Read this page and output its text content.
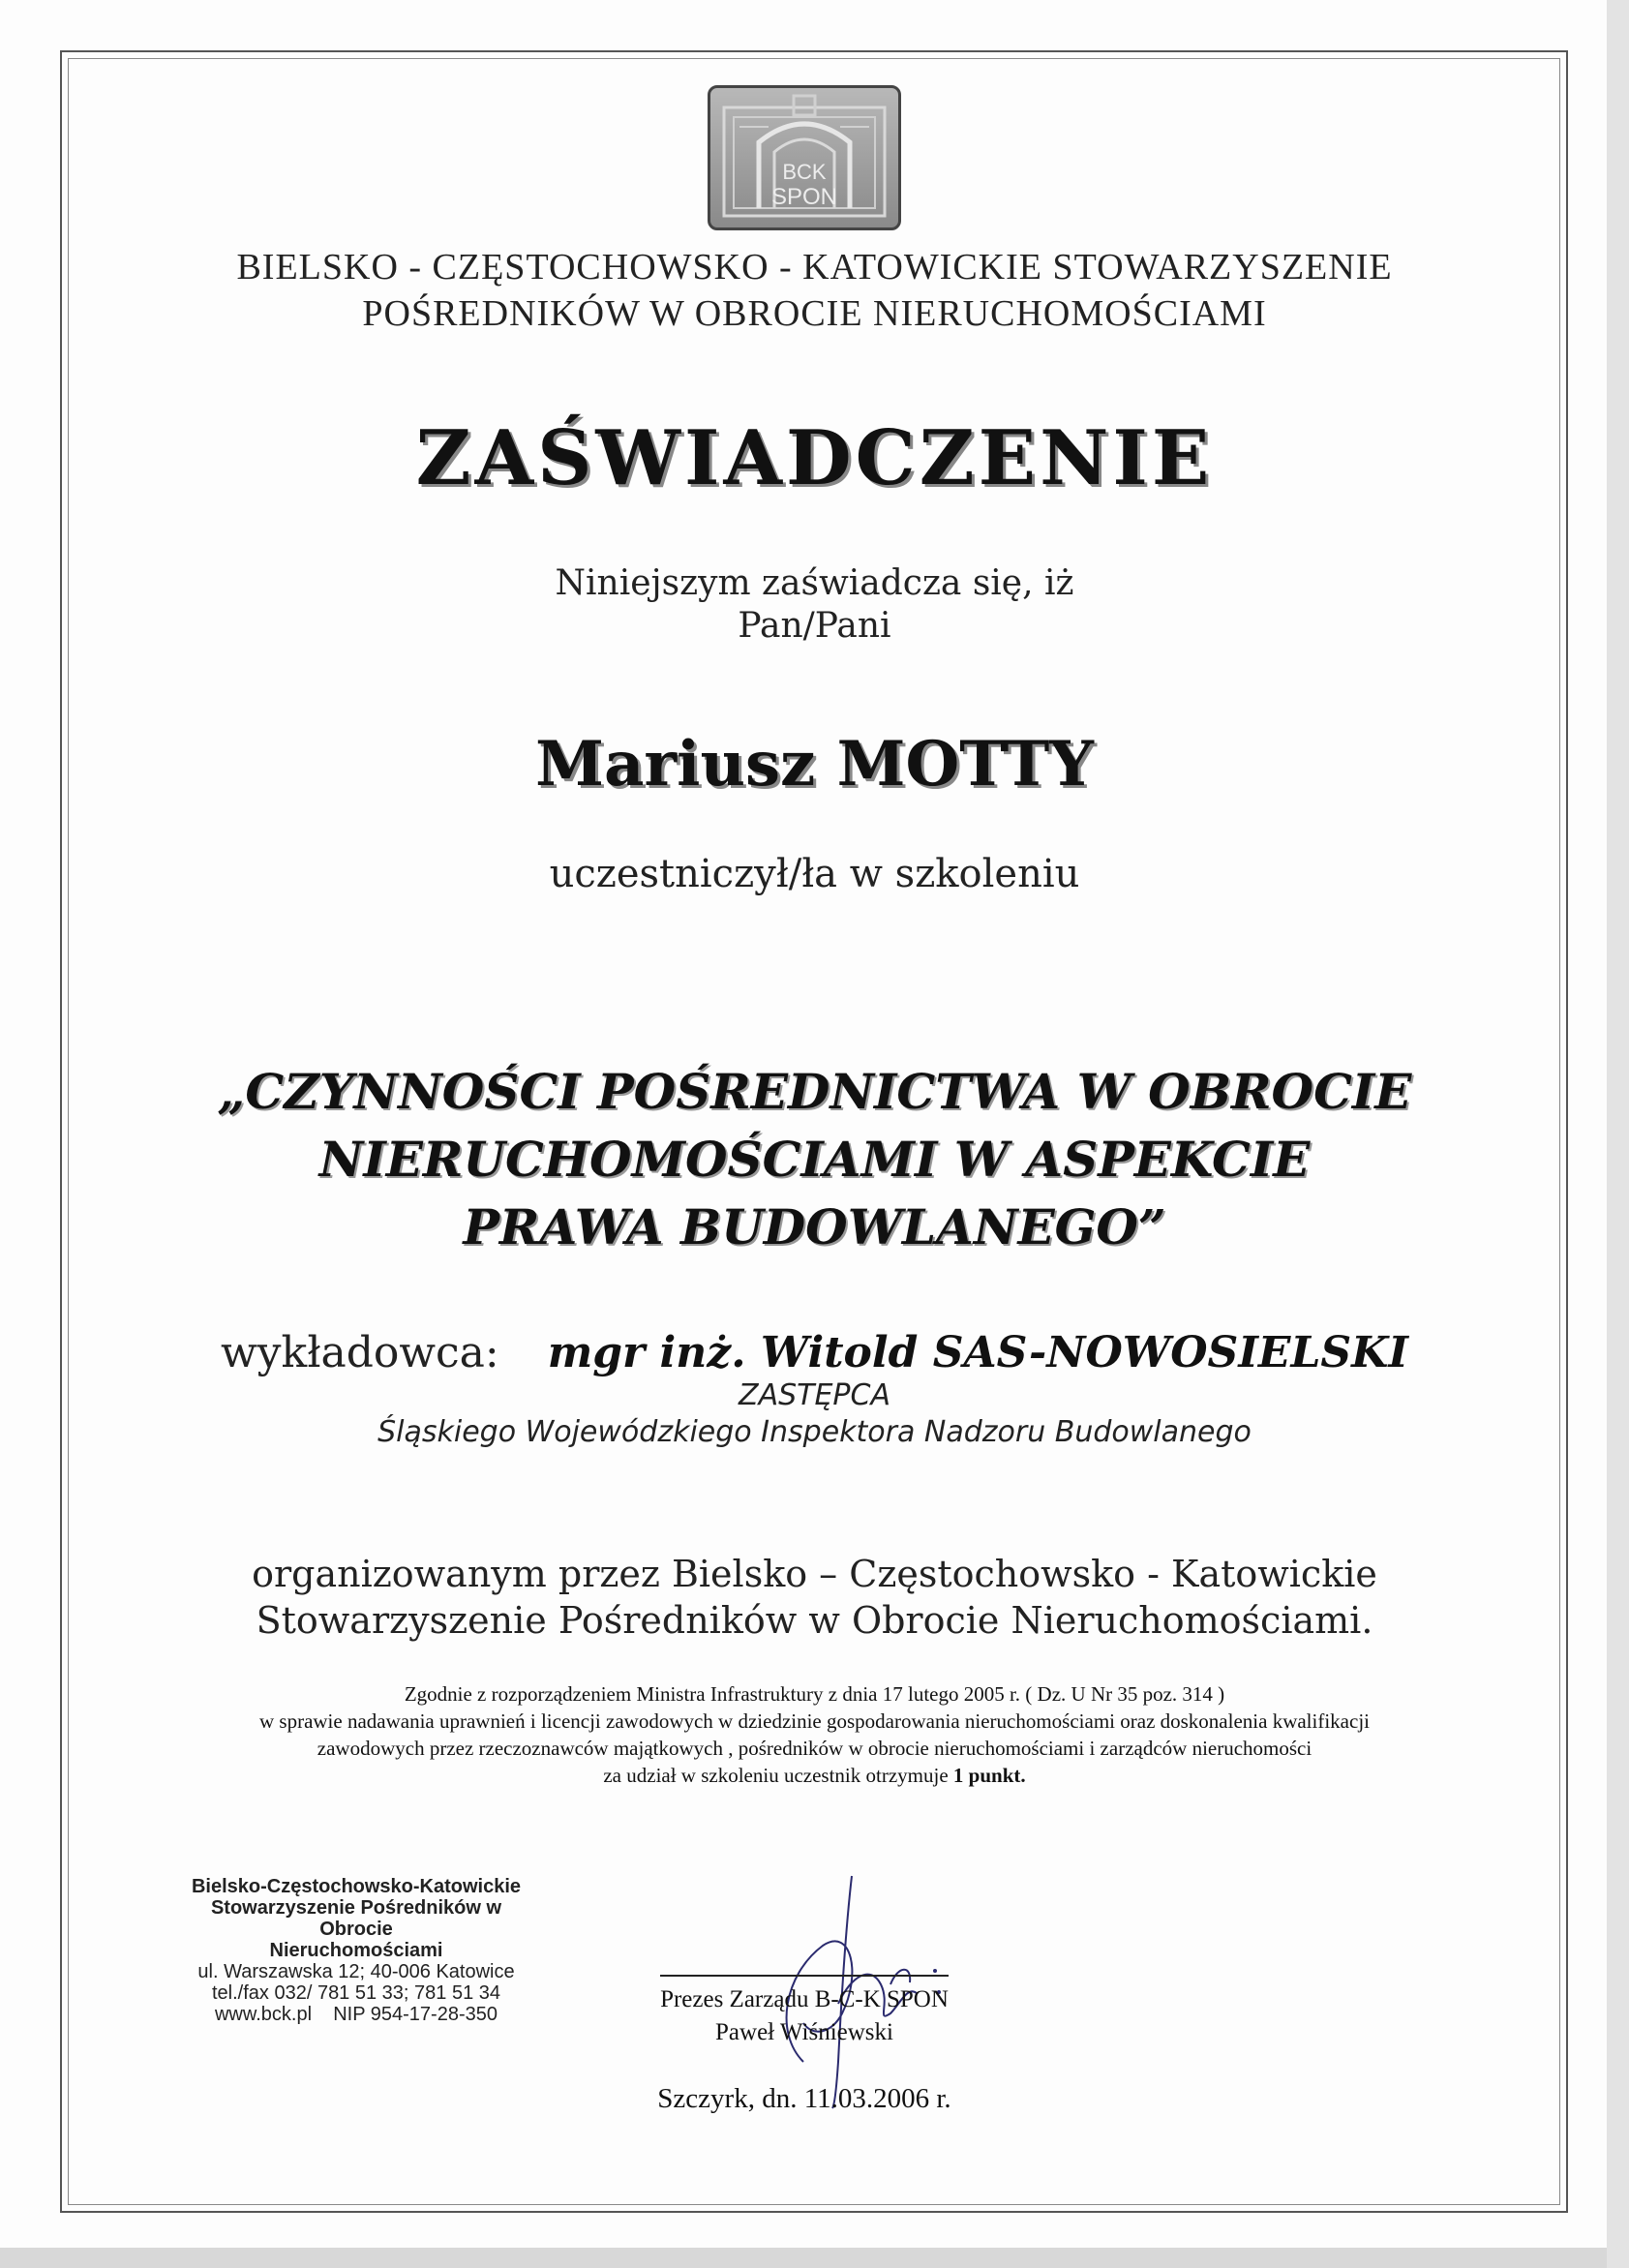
BCK
SPON
BIELSKO - CZĘSTOCHOWSKO - KATOWICKIE STOWARZYSZENIE
POŚREDNIKÓW W OBROCIE NIERUCHOMOŚCIAMI
ZAŚWIADCZENIE
Niniejszym zaświadcza się, iż
Pan/Pani
Mariusz MOTTY
uczestniczył/ła w szkoleniu
„CZYNNOŚCI POŚREDNICTWA W OBROCIE
NIERUCHOMOŚCIAMI W ASPEKCIE
PRAWA BUDOWLANEGO”
wykładowca: mgr inż. Witold SAS-NOWOSIELSKI
ZASTĘPCA
Śląskiego Wojewódzkiego Inspektora Nadzoru Budowlanego
organizowanym przez Bielsko – Częstochowsko - Katowickie
Stowarzyszenie Pośredników w Obrocie Nieruchomościami.
Zgodnie z rozporządzeniem Ministra Infrastruktury z dnia 17 lutego 2005 r. ( Dz. U Nr 35 poz. 314 )
w sprawie nadawania uprawnień i licencji zawodowych w dziedzinie gospodarowania nieruchomościami oraz doskonalenia kwalifikacji
zawodowych przez rzeczoznawców majątkowych , pośredników w obrocie nieruchomościami i zarządców nieruchomości
za udział w szkoleniu uczestnik otrzymuje 1 punkt.
Bielsko-Częstochowsko-Katowickie
Stowarzyszenie Pośredników w Obrocie
Nieruchomościami
ul. Warszawska 12; 40-006 Katowice
tel./fax 032/ 781 51 33; 781 51 34
www.bck.pl    NIP 954-17-28-350
Prezes Zarządu B-C-K SPON
Paweł Wiśniewski
Szczyrk, dn. 11.03.2006 r.
